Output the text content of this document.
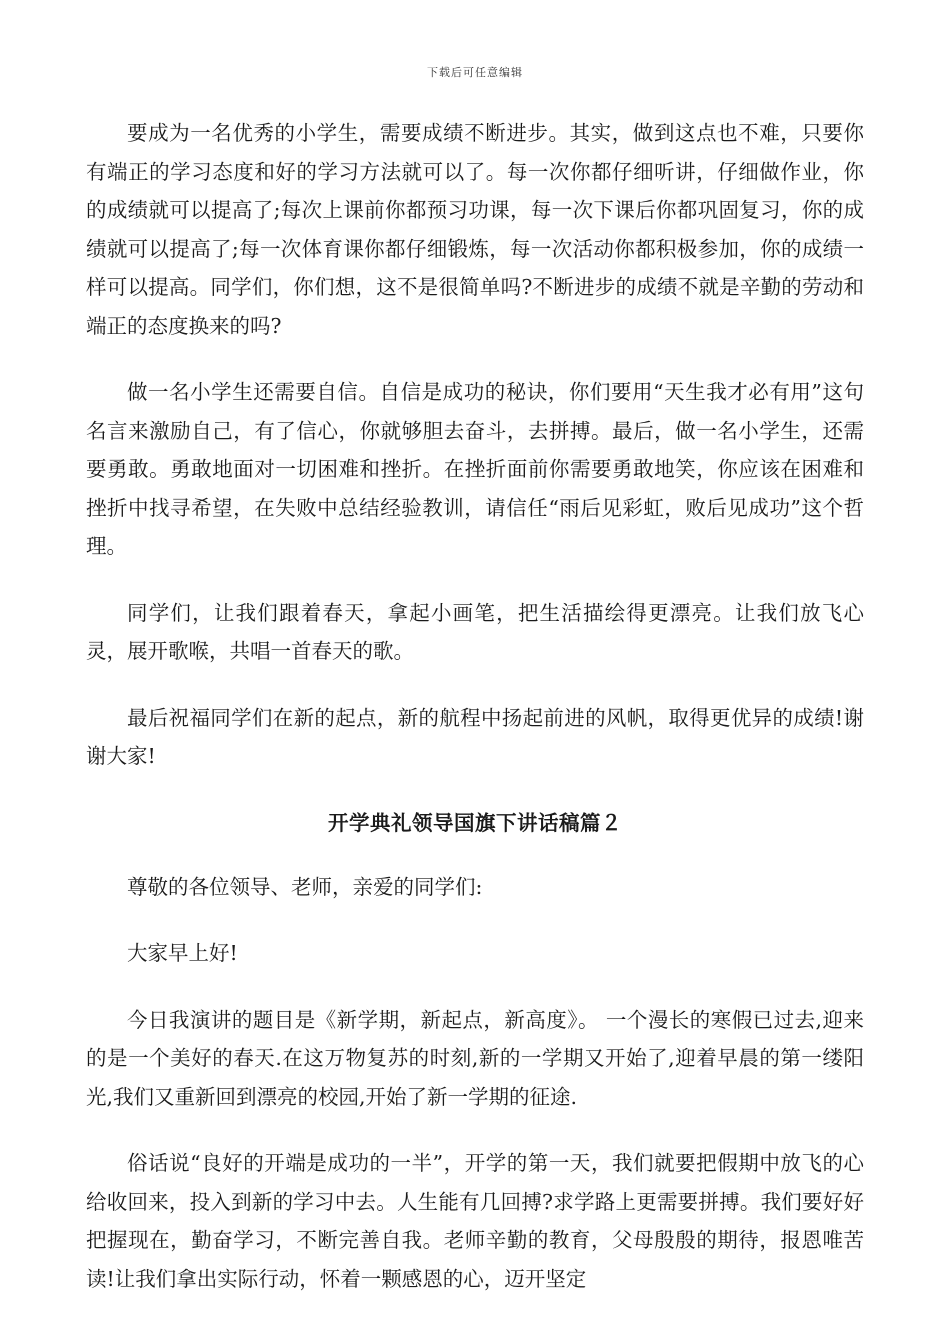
下载后可任意编辑

要成为一名优秀的小学生，需要成绩不断进步。其实，做到这点也不难，只要你有端正的学习态度和好的学习方法就可以了。每一次你都仔细听讲，仔细做作业，你的成绩就可以提高了;每次上课前你都预习功课，每一次下课后你都巩固复习，你的成绩就可以提高了;每一次体育课你都仔细锻炼，每一次活动你都积极参加，你的成绩一样可以提高。同学们，你们想，这不是很简单吗?不断进步的成绩不就是辛勤的劳动和端正的态度换来的吗?

做一名小学生还需要自信。自信是成功的秘诀，你们要用“天生我才必有用”这句名言来激励自己，有了信心，你就够胆去奋斗，去拼搏。最后，做一名小学生，还需要勇敢。勇敢地面对一切困难和挫折。在挫折面前你需要勇敢地笑，你应该在困难和挫折中找寻希望，在失败中总结经验教训，请信任“雨后见彩虹，败后见成功”这个哲理。

同学们，让我们跟着春天，拿起小画笔，把生活描绘得更漂亮。让我们放飞心灵，展开歌喉，共唱一首春天的歌。

最后祝福同学们在新的起点，新的航程中扬起前进的风帆，取得更优异的成绩!谢谢大家!

开学典礼领导国旗下讲话稿篇２

尊敬的各位领导、老师，亲爱的同学们:

大家早上好!

今日我演讲的题目是《新学期，新起点，新高度》。 一个漫长的寒假已过去,迎来的是一个美好的春天.在这万物复苏的时刻,新的一学期又开始了,迎着早晨的第一缕阳光,我们又重新回到漂亮的校园,开始了新一学期的征途.

俗话说“良好的开端是成功的一半”，开学的第一天，我们就要把假期中放飞的心给收回来，投入到新的学习中去。人生能有几回搏?求学路上更需要拼搏。我们要好好把握现在，勤奋学习，不断完善自我。老师辛勤的教育，父母殷殷的期待，报恩唯苦读!让我们拿出实际行动，怀着一颗感恩的心，迈开坚定
